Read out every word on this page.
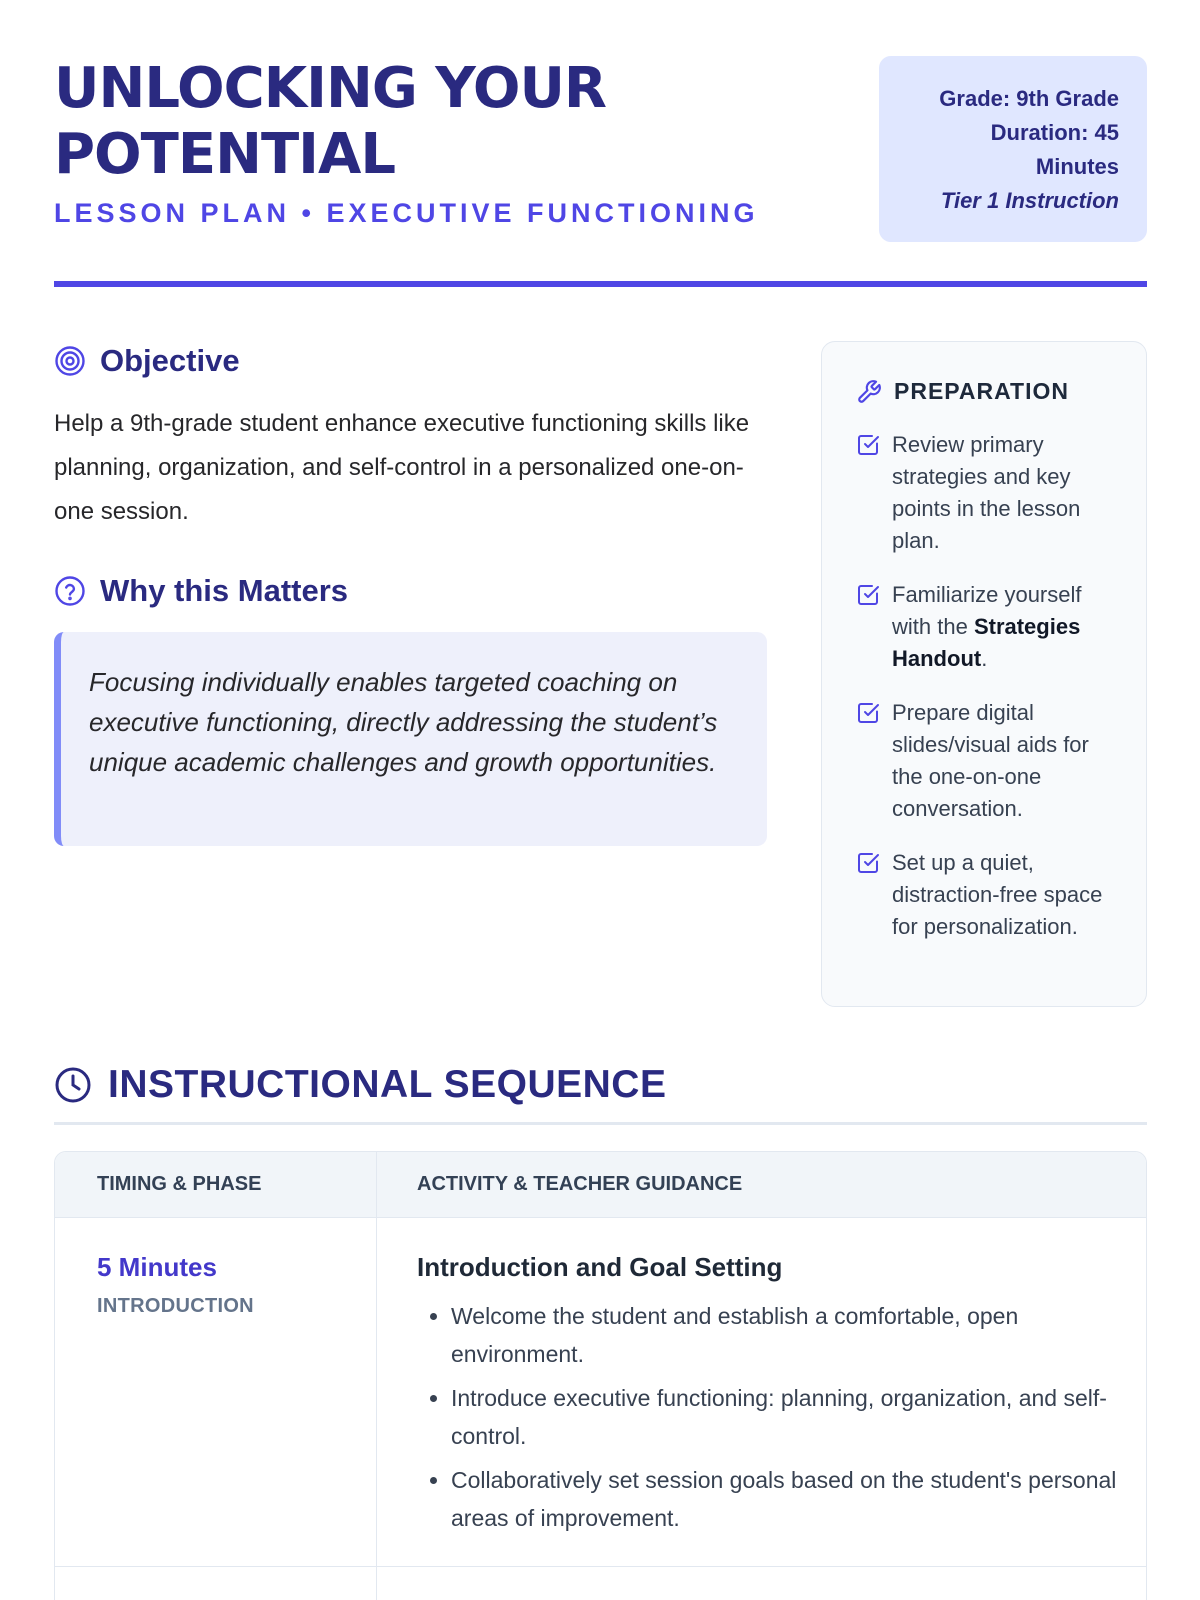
UNLOCKING YOUR POTENTIAL
LESSON PLAN • EXECUTIVE FUNCTIONING
Grade: 9th Grade
Duration: 45 Minutes
Tier 1 Instruction
Objective

Help a 9th-grade student enhance executive functioning skills like planning, organization, and self-control in a personalized one-on-one session.

Why this Matters
Focusing individually enables targeted coaching on executive functioning, directly addressing the student’s unique academic challenges and growth opportunities.
PREPARATION
Review primary strategies and key points in the lesson plan.
Familiarize yourself with the Strategies Handout.
Prepare digital slides/visual aids for the one-on-one conversation.
Set up a quiet, distraction-free space for personalization.
INSTRUCTIONAL SEQUENCE
TIMING & PHASE	ACTIVITY & TEACHER GUIDANCE
5 Minutes
INTRODUCTION
Introduction and Goal Setting
• Welcome the student and establish a comfortable, open environment.
• Introduce executive functioning: planning, organization, and self-control.
• Collaboratively set session goals based on the student's personal areas of improvement.
